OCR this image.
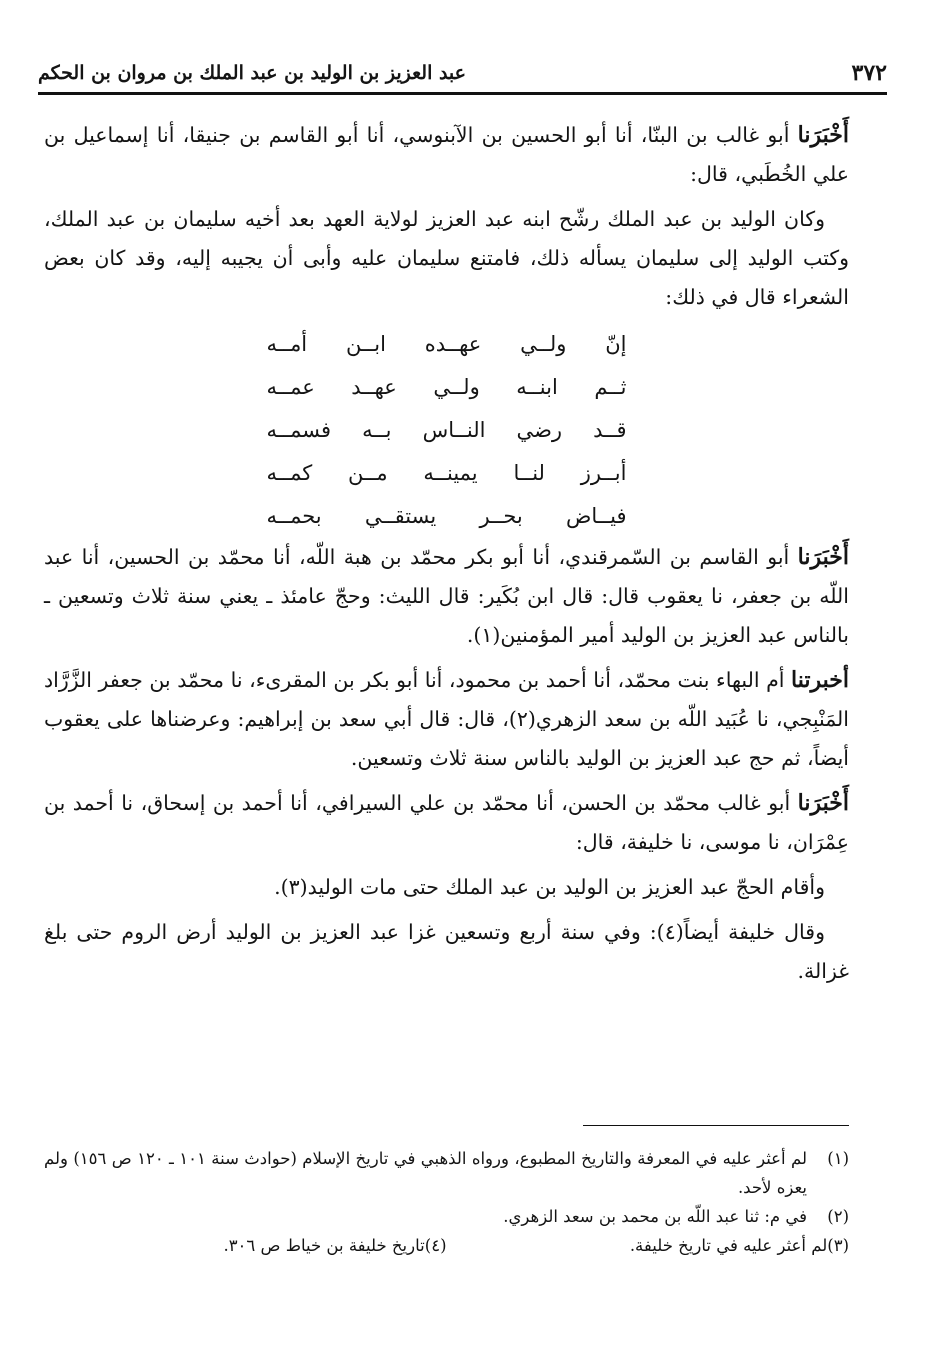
٣٧٢
عبد العزيز بن الوليد بن عبد الملك بن مروان بن الحكم

أَخْبَرَنا أبو غالب بن البنّا، أنا أبو الحسين بن الآبنوسي، أنا أبو القاسم بن جنيقا، أنا إسماعيل بن علي الخُطَبي، قال:

وكان الوليد بن عبد الملك رشّح ابنه عبد العزيز لولاية العهد بعد أخيه سليمان بن عبد الملك، وكتب الوليد إلى سليمان يسأله ذلك، فامتنع سليمان عليه وأبى أن يجيبه إليه، وقد كان بعض الشعراء قال في ذلك:

إنّ ولــي عهــده ابــن أمــه
ثــم ابنــه ولــي عهــد عمــه
قــد رضي النــاس بــه فسمــه
أبــرز لنــا يمينــه مــن كمــه
فيــاض بحــر يستقــي بحمــه

أَخْبَرَنا أبو القاسم بن السّمرقندي، أنا أبو بكر محمّد بن هبة اللّه، أنا محمّد بن الحسين، أنا عبد اللّه بن جعفر، نا يعقوب قال: قال ابن بُكَير: قال الليث: وحجّ عامئذ ـ يعني سنة ثلاث وتسعين ـ بالناس عبد العزيز بن الوليد أمير المؤمنين(١).

أخبرتنا أم البهاء بنت محمّد، أنا أحمد بن محمود، أنا أبو بكر بن المقرىء، نا محمّد بن جعفر الزَّرَّاد المَنْبِجي، نا عُبَيد اللّه بن سعد الزهري(٢)، قال: قال أبي سعد بن إبراهيم: وعرضناها على يعقوب أيضاً، ثم حج عبد العزيز بن الوليد بالناس سنة ثلاث وتسعين.

أَخْبَرَنا أبو غالب محمّد بن الحسن، أنا محمّد بن علي السيرافي، أنا أحمد بن إسحاق، نا أحمد بن عِمْرَان، نا موسى، نا خليفة، قال:

وأقام الحجّ عبد العزيز بن الوليد بن عبد الملك حتى مات الوليد(٣).

وقال خليفة أيضاً(٤): وفي سنة أربع وتسعين غزا عبد العزيز بن الوليد أرض الروم حتى بلغ غزالة.

(١)
لم أعثر عليه في المعرفة والتاريخ المطبوع، ورواه الذهبي في تاريخ الإسلام (حوادث سنة ١٠١ ـ ١٢٠ ص ١٥٦) ولم يعزه لأحد.
(٢)
في م: ثنا عبد اللّه بن محمد بن سعد الزهري.
(٣)
لم أعثر عليه في تاريخ خليفة.
(٤)
تاريخ خليفة بن خياط ص ٣٠٦.
